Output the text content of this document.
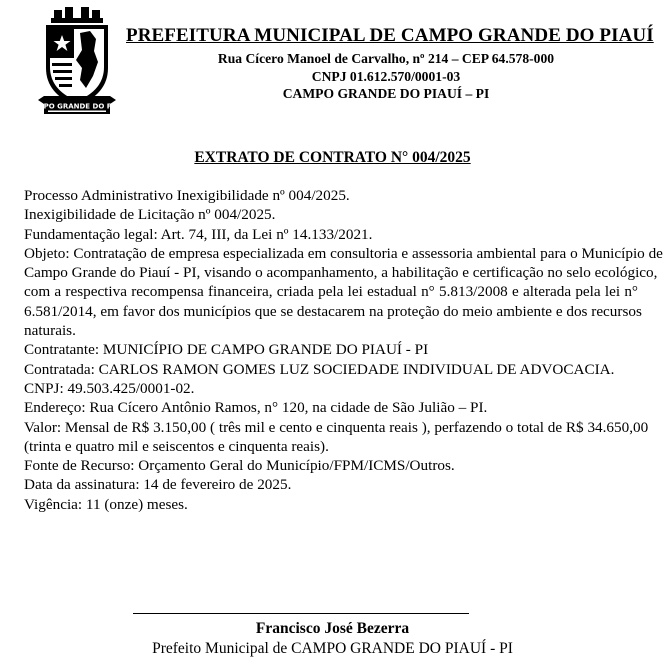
CAMPO GRANDE DO PIAUÍ
PREFEITURA MUNICIPAL DE CAMPO GRANDE DO PIAUÍ
Rua Cícero Manoel de Carvalho, nº 214 – CEP 64.578-000
CNPJ 01.612.570/0001-03
CAMPO GRANDE DO PIAUÍ – PI
EXTRATO DE CONTRATO N° 004/2025
Processo Administrativo Inexigibilidade nº 004/2025.
Inexigibilidade de Licitação nº 004/2025.
Fundamentação legal: Art. 74, III, da Lei nº 14.133/2021.
Objeto: Contratação de empresa especializada em consultoria e assessoria ambiental para o Município de
Campo Grande do Piauí - PI, visando o acompanhamento, a habilitação e certificação no selo ecológico,
com a respectiva recompensa financeira, criada pela lei estadual n° 5.813/2008 e alterada pela lei n°
6.581/2014, em favor dos municípios que se destacarem na proteção do meio ambiente e dos recursos
naturais.
Contratante: MUNICÍPIO DE CAMPO GRANDE DO PIAUÍ - PI
Contratada: CARLOS RAMON GOMES LUZ SOCIEDADE INDIVIDUAL DE ADVOCACIA.
CNPJ: 49.503.425/0001-02.
Endereço: Rua Cícero Antônio Ramos, n° 120, na cidade de São Julião – PI.
Valor: Mensal de R$ 3.150,00 ( três mil e cento e cinquenta reais ), perfazendo o total de R$ 34.650,00
(trinta e quatro mil e seiscentos e cinquenta reais).
Fonte de Recurso: Orçamento Geral do Município/FPM/ICMS/Outros.
Data da assinatura: 14 de fevereiro de 2025.
Vigência: 11 (onze) meses.
Francisco José Bezerra
Prefeito Municipal de CAMPO GRANDE DO PIAUÍ - PI
